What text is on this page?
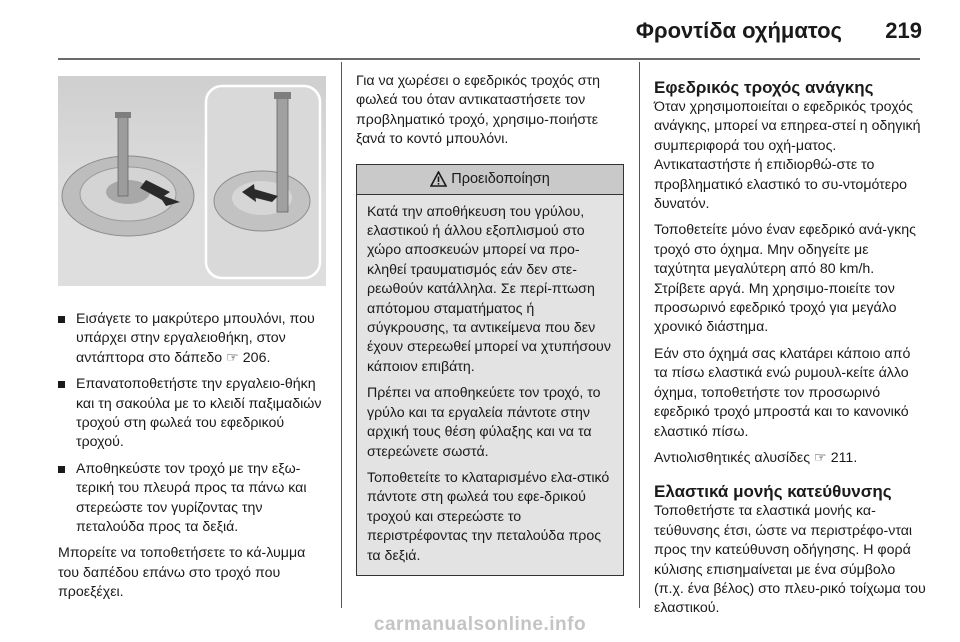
Φροντίδα οχήματος 219
Εισάγετε το μακρύτερο μπουλόνι, που υπάρχει στην εργαλειοθήκη, στον αντάπτορα στο δάπεδο ☞ 206.
Επανατοποθετήστε την εργαλειο-θήκη και τη σακούλα με το κλειδί παξιμαδιών τροχού στη φωλεά του εφεδρικού τροχού.
Αποθηκεύστε τον τροχό με την εξω-τερική του πλευρά προς τα πάνω και στερεώστε τον γυρίζοντας την πεταλούδα προς τα δεξιά.

Μπορείτε να τοποθετήσετε το κά-λυμμα του δαπέδου επάνω στο τροχό που προεξέχει.

Για να χωρέσει ο εφεδρικός τροχός στη φωλεά του όταν αντικαταστήσετε τον προβληματικό τροχό, χρησιμο-ποιήστε ξανά το κοντό μπουλόνι.

Προειδοποίηση

Κατά την αποθήκευση του γρύλου, ελαστικού ή άλλου εξοπλισμού στο χώρο αποσκευών μπορεί να προ-κληθεί τραυματισμός εάν δεν στε-ρεωθούν κατάλληλα. Σε περί-πτωση απότομου σταματήματος ή σύγκρουσης, τα αντικείμενα που δεν έχουν στερεωθεί μπορεί να χτυπήσουν κάποιον επιβάτη.

Πρέπει να αποθηκεύετε τον τροχό, το γρύλο και τα εργαλεία πάντοτε στην αρχική τους θέση φύλαξης και να τα στερεώνετε σωστά.

Τοποθετείτε το κλαταρισμένο ελα-στικό πάντοτε στη φωλεά του εφε-δρικού τροχού και στερεώστε το περιστρέφοντας την πεταλούδα προς τα δεξιά.

Εφεδρικός τροχός ανάγκης

Όταν χρησιμοποιείται ο εφεδρικός τροχός ανάγκης, μπορεί να επηρεα-στεί η οδηγική συμπεριφορά του οχή-ματος. Αντικαταστήστε ή επιδιορθώ-στε το προβληματικό ελαστικό το συ-ντομότερο δυνατόν.

Τοποθετείτε μόνο έναν εφεδρικό ανά-γκης τροχό στο όχημα. Μην οδηγείτε με ταχύτητα μεγαλύτερη από 80 km/h. Στρίβετε αργά. Μη χρησιμο-ποιείτε τον προσωρινό εφεδρικό τροχό για μεγάλο χρονικό διάστημα.

Εάν στο όχημά σας κλατάρει κάποιο από τα πίσω ελαστικά ενώ ρυμουλ-κείτε άλλο όχημα, τοποθετήστε τον προσωρινό εφεδρικό τροχό μπροστά και το κανονικό ελαστικό πίσω.

Αντιολισθητικές αλυσίδες ☞ 211.

Ελαστικά μονής κατεύθυνσης

Τοποθετήστε τα ελαστικά μονής κα-τεύθυνσης έτσι, ώστε να περιστρέφο-νται προς την κατεύθυνση οδήγησης. Η φορά κύλισης επισημαίνεται με ένα σύμβολο (π.χ. ένα βέλος) στο πλευ-ρικό τοίχωμα του ελαστικού.

carmanualsonline.info
